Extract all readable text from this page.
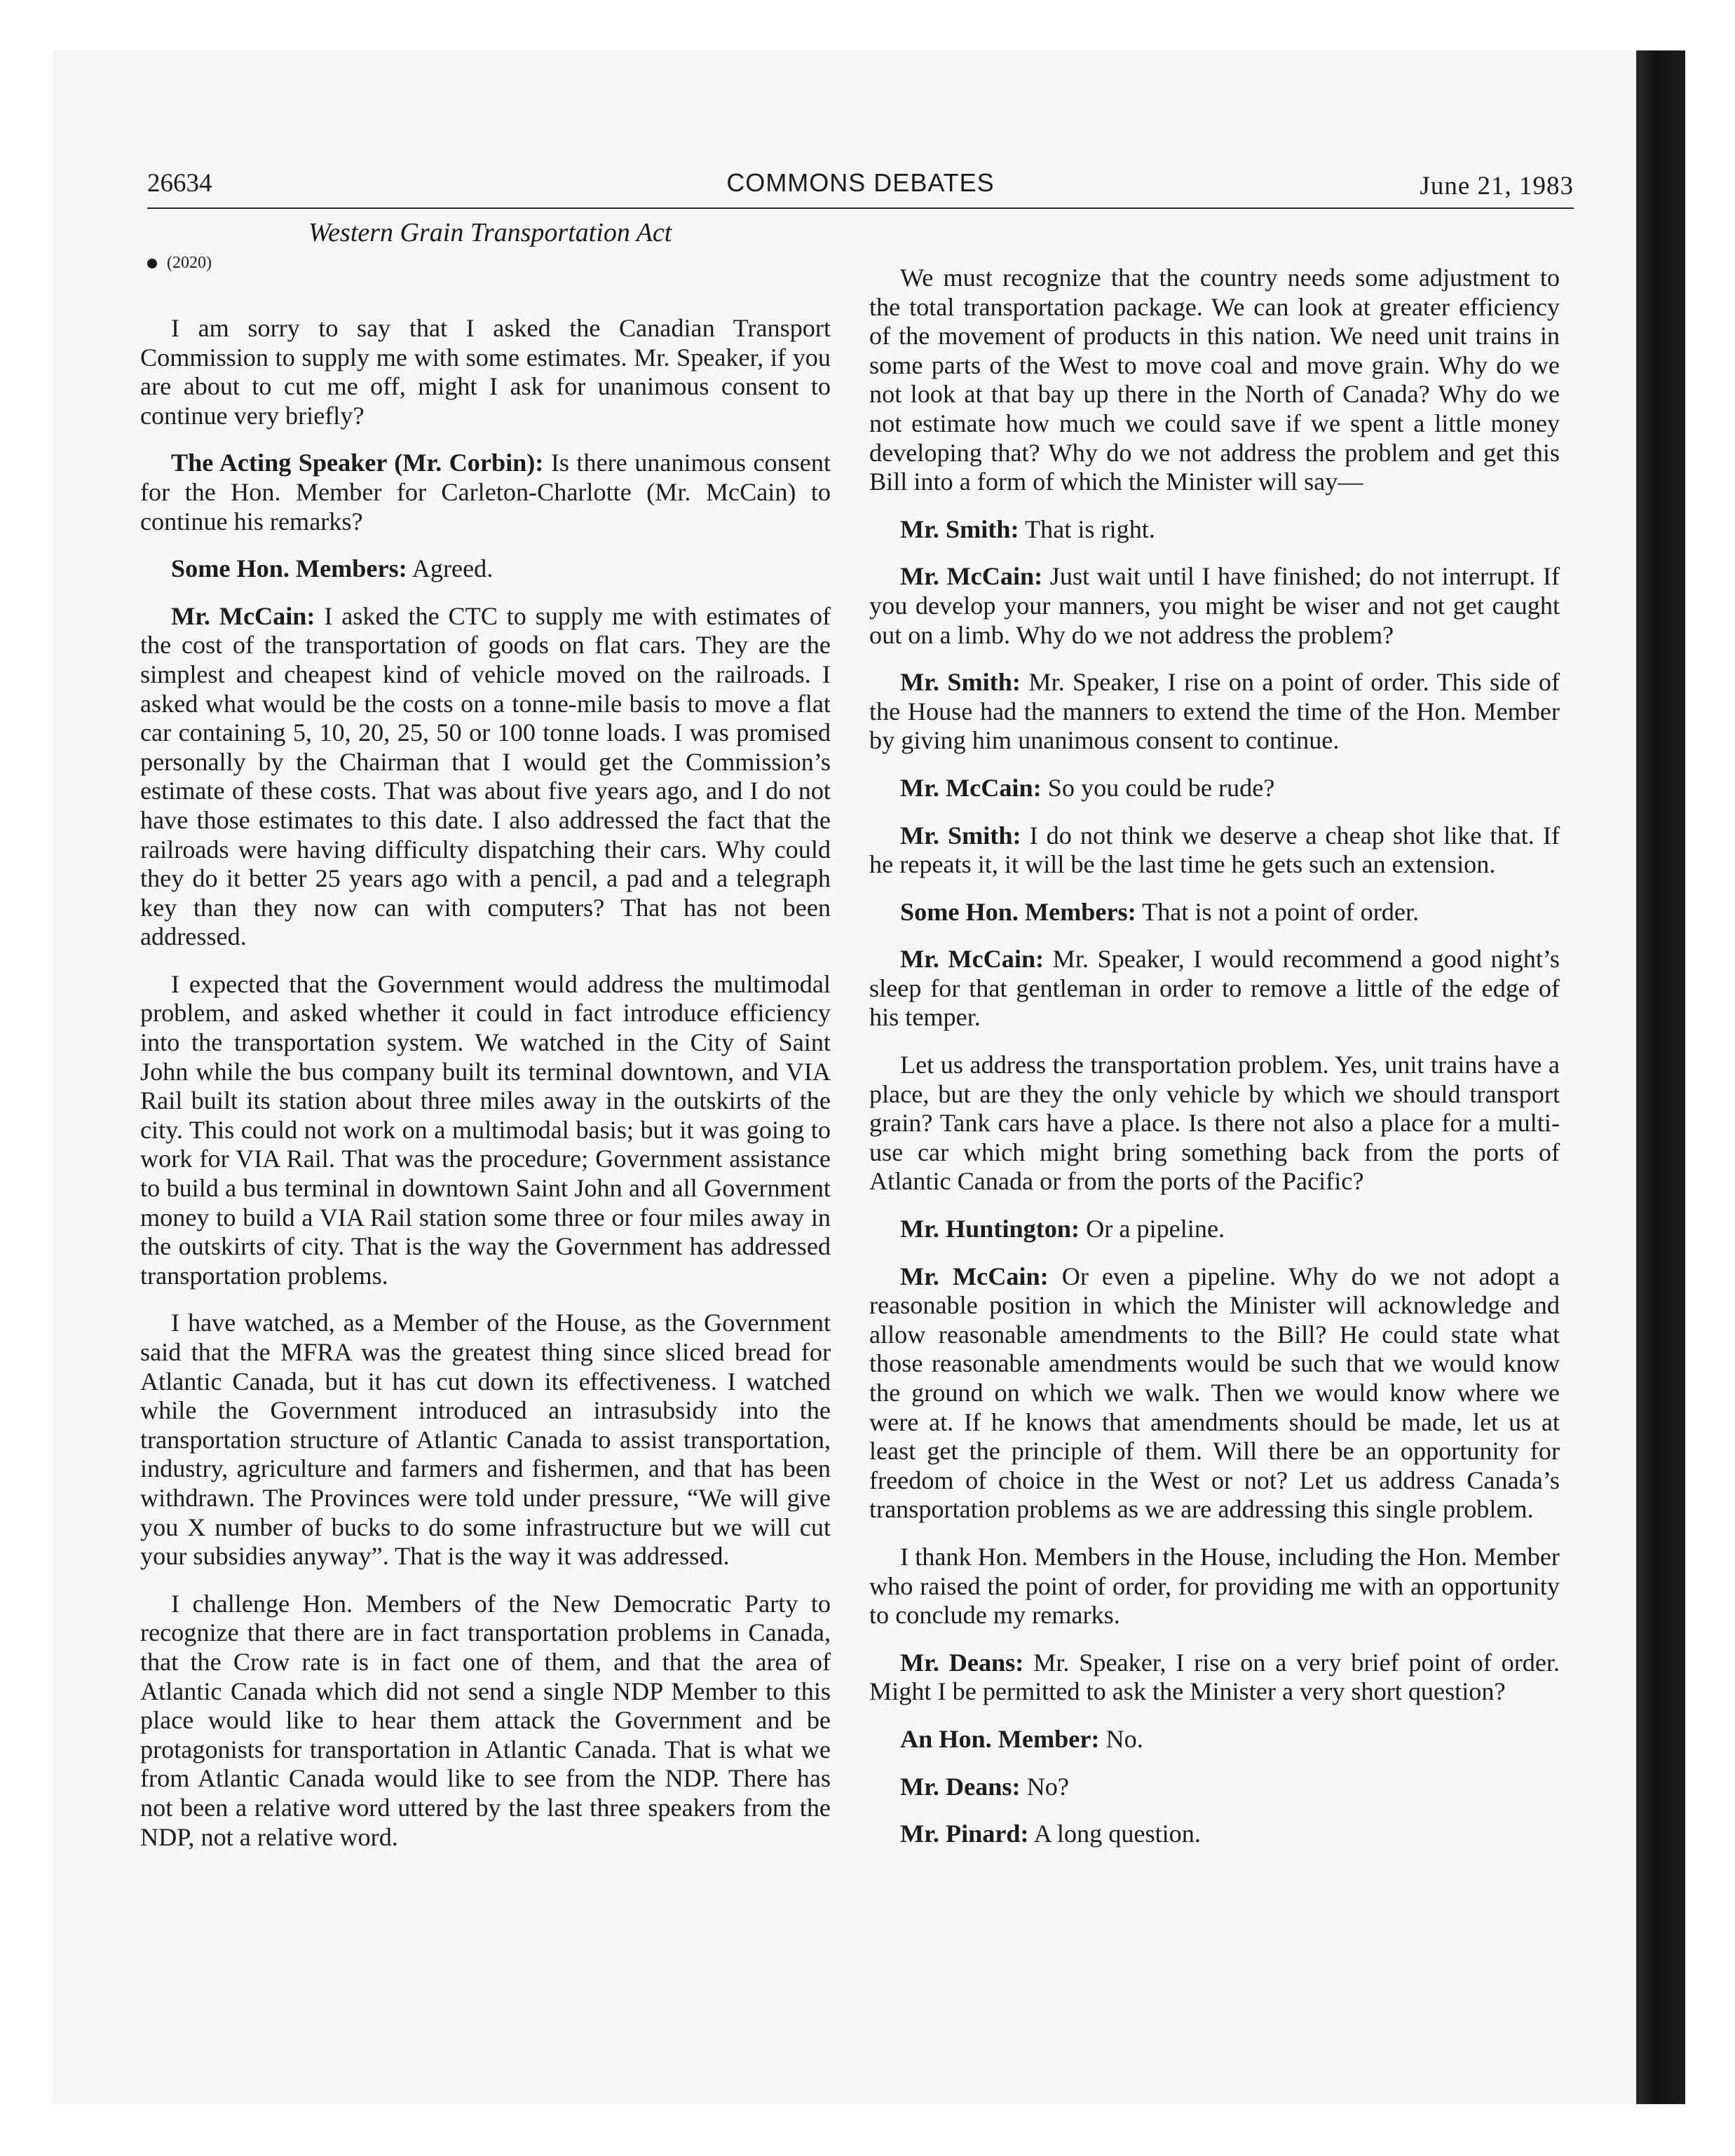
26634	COMMONS DEBATES	June 21, 1983
Western Grain Transportation Act
(2020)

I am sorry to say that I asked the Canadian Transport Commission to supply me with some estimates. Mr. Speaker, if you are about to cut me off, might I ask for unanimous consent to continue very briefly?

The Acting Speaker (Mr. Corbin): Is there unanimous consent for the Hon. Member for Carleton-Charlotte (Mr. McCain) to continue his remarks?

Some Hon. Members: Agreed.

Mr. McCain: I asked the CTC to supply me with estimates of the cost of the transportation of goods on flat cars. They are the simplest and cheapest kind of vehicle moved on the railroads. I asked what would be the costs on a tonne-mile basis to move a flat car containing 5, 10, 20, 25, 50 or 100 tonne loads. I was promised personally by the Chairman that I would get the Commission’s estimate of these costs. That was about five years ago, and I do not have those estimates to this date. I also addressed the fact that the railroads were having difficulty dispatching their cars. Why could they do it better 25 years ago with a pencil, a pad and a telegraph key than they now can with computers? That has not been addressed.

I expected that the Government would address the multimodal problem, and asked whether it could in fact introduce efficiency into the transportation system. We watched in the City of Saint John while the bus company built its terminal downtown, and VIA Rail built its station about three miles away in the outskirts of the city. This could not work on a multimodal basis; but it was going to work for VIA Rail. That was the procedure; Government assistance to build a bus terminal in downtown Saint John and all Government money to build a VIA Rail station some three or four miles away in the outskirts of city. That is the way the Government has addressed transportation problems.

I have watched, as a Member of the House, as the Government said that the MFRA was the greatest thing since sliced bread for Atlantic Canada, but it has cut down its effectiveness. I watched while the Government introduced an intrasubsidy into the transportation structure of Atlantic Canada to assist transportation, industry, agriculture and farmers and fishermen, and that has been withdrawn. The Provinces were told under pressure, “We will give you X number of bucks to do some infrastructure but we will cut your subsidies anyway”. That is the way it was addressed.

I challenge Hon. Members of the New Democratic Party to recognize that there are in fact transportation problems in Canada, that the Crow rate is in fact one of them, and that the area of Atlantic Canada which did not send a single NDP Member to this place would like to hear them attack the Government and be protagonists for transportation in Atlantic Canada. That is what we from Atlantic Canada would like to see from the NDP. There has not been a relative word uttered by the last three speakers from the NDP, not a relative word.

We must recognize that the country needs some adjustment to the total transportation package. We can look at greater efficiency of the movement of products in this nation. We need unit trains in some parts of the West to move coal and move grain. Why do we not look at that bay up there in the North of Canada? Why do we not estimate how much we could save if we spent a little money developing that? Why do we not address the problem and get this Bill into a form of which the Minister will say—

Mr. Smith: That is right.

Mr. McCain: Just wait until I have finished; do not interrupt. If you develop your manners, you might be wiser and not get caught out on a limb. Why do we not address the problem?

Mr. Smith: Mr. Speaker, I rise on a point of order. This side of the House had the manners to extend the time of the Hon. Member by giving him unanimous consent to continue.

Mr. McCain: So you could be rude?

Mr. Smith: I do not think we deserve a cheap shot like that. If he repeats it, it will be the last time he gets such an extension.

Some Hon. Members: That is not a point of order.

Mr. McCain: Mr. Speaker, I would recommend a good night’s sleep for that gentleman in order to remove a little of the edge of his temper.

Let us address the transportation problem. Yes, unit trains have a place, but are they the only vehicle by which we should transport grain? Tank cars have a place. Is there not also a place for a multi-use car which might bring something back from the ports of Atlantic Canada or from the ports of the Pacific?

Mr. Huntington: Or a pipeline.

Mr. McCain: Or even a pipeline. Why do we not adopt a reasonable position in which the Minister will acknowledge and allow reasonable amendments to the Bill? He could state what those reasonable amendments would be such that we would know the ground on which we walk. Then we would know where we were at. If he knows that amendments should be made, let us at least get the principle of them. Will there be an opportunity for freedom of choice in the West or not? Let us address Canada’s transportation problems as we are addressing this single problem.

I thank Hon. Members in the House, including the Hon. Member who raised the point of order, for providing me with an opportunity to conclude my remarks.

Mr. Deans: Mr. Speaker, I rise on a very brief point of order. Might I be permitted to ask the Minister a very short question?

An Hon. Member: No.

Mr. Deans: No?

Mr. Pinard: A long question.
